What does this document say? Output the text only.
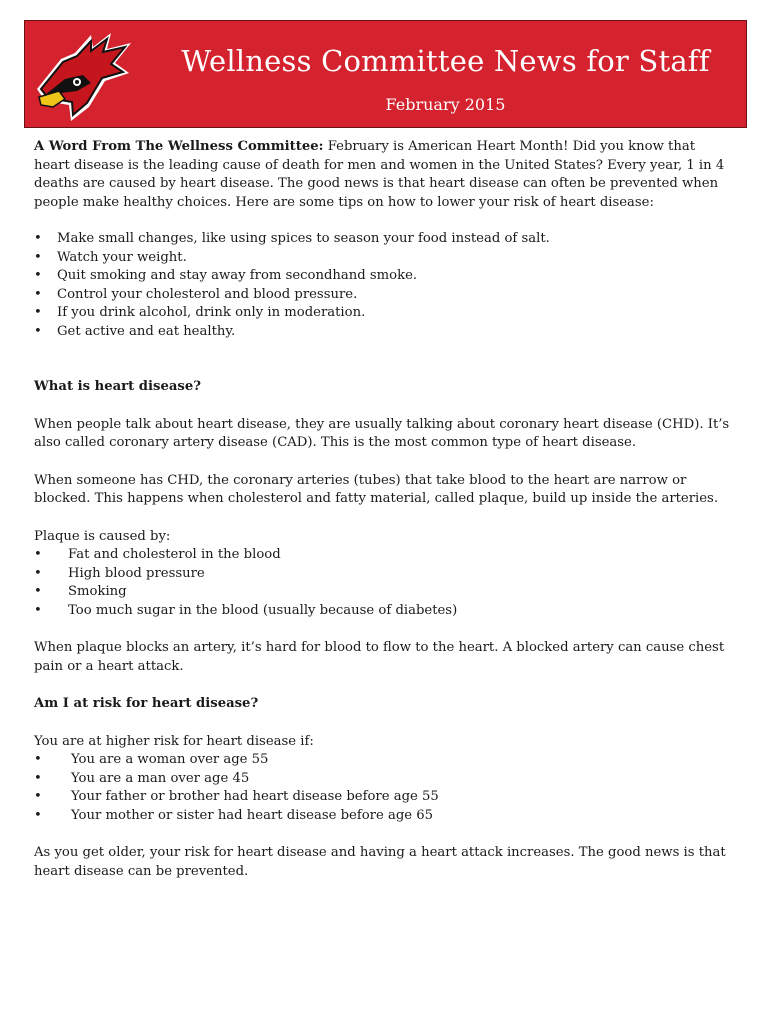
Wellness Committee News for Staff
February 2015

A Word From The Wellness Committee: February is American Heart Month! Did you know that heart disease is the leading cause of death for men and women in the United States? Every year, 1 in 4 deaths are caused by heart disease. The good news is that heart disease can often be prevented when people make healthy choices. Here are some tips on how to lower your risk of heart disease:

• Make small changes, like using spices to season your food instead of salt.
• Watch your weight.
• Quit smoking and stay away from secondhand smoke.
• Control your cholesterol and blood pressure.
• If you drink alcohol, drink only in moderation.
• Get active and eat healthy.

What is heart disease?

When people talk about heart disease, they are usually talking about coronary heart disease (CHD). It’s also called coronary artery disease (CAD). This is the most common type of heart disease.

When someone has CHD, the coronary arteries (tubes) that take blood to the heart are narrow or blocked. This happens when cholesterol and fatty material, called plaque, build up inside the arteries.

Plaque is caused by:

• Fat and cholesterol in the blood
• High blood pressure
• Smoking
• Too much sugar in the blood (usually because of diabetes)

When plaque blocks an artery, it’s hard for blood to flow to the heart. A blocked artery can cause chest pain or a heart attack.

Am I at risk for heart disease?

You are at higher risk for heart disease if:

• You are a woman over age 55
• You are a man over age 45
• Your father or brother had heart disease before age 55
• Your mother or sister had heart disease before age 65

As you get older, your risk for heart disease and having a heart attack increases. The good news is that heart disease can be prevented.
